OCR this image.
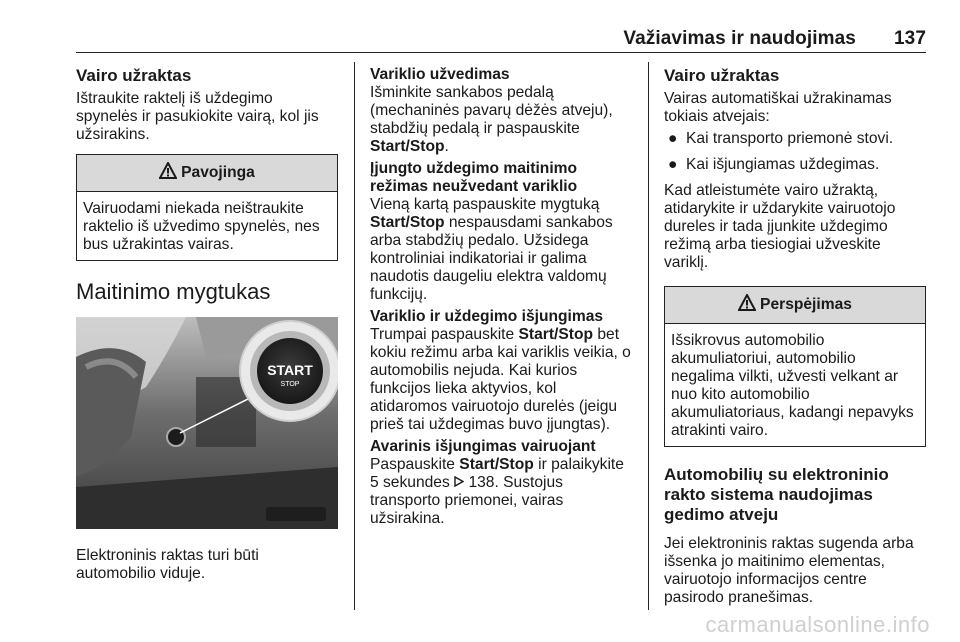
Važiavimas ir naudojimas 137
Vairo užraktas

Ištraukite raktelį iš uždegimo spynelės ir pasukiokite vairą, kol jis užsirakins.

Pavojinga
Vairuodami niekada neištraukite raktelio iš užvedimo spynelės, nes bus užrakintas vairas.
Maitinimo mygtukas
START
STOP

Elektroninis raktas turi būti automobilio viduje.

Variklio užvedimas

Išminkite sankabos pedalą (mechaninės pavarų dėžės atveju), stabdžių pedalą ir paspauskite Start/Stop.

Įjungto uždegimo maitinimo režimas neužvedant variklio

Vieną kartą paspauskite mygtuką Start/Stop nespausdami sankabos arba stabdžių pedalo. Užsidega kontroliniai indikatoriai ir galima naudotis daugeliu elektra valdomų funkcijų.

Variklio ir uždegimo išjungimas

Trumpai paspauskite Start/Stop bet kokiu režimu arba kai variklis veikia, o automobilis nejuda. Kai kurios funkcijos lieka aktyvios, kol atidaromos vairuotojo durelės (jeigu prieš tai uždegimas buvo įjungtas).

Avarinis išjungimas vairuojant

Paspauskite Start/Stop ir palaikykite 5 sekundes  138. Sustojus transporto priemonei, vairas užsirakina.

Vairo užraktas

Vairas automatiškai užrakinamas tokiais atvejais:

● Kai transporto priemonė stovi.
● Kai išjungiamas uždegimas.

Kad atleistumėte vairo užraktą, atidarykite ir uždarykite vairuotojo dureles ir tada įjunkite uždegimo režimą arba tiesiogiai užveskite variklį.

Perspėjimas
Išsikrovus automobilio akumuliatoriui, automobilio negalima vilkti, užvesti velkant ar nuo kito automobilio akumuliatoriaus, kadangi nepavyks atrakinti vairo.
Automobilių su elektroninio rakto sistema naudojimas gedimo atveju

Jei elektroninis raktas sugenda arba išsenka jo maitinimo elementas, vairuotojo informacijos centre pasirodo pranešimas.

carmanualsonline.info
